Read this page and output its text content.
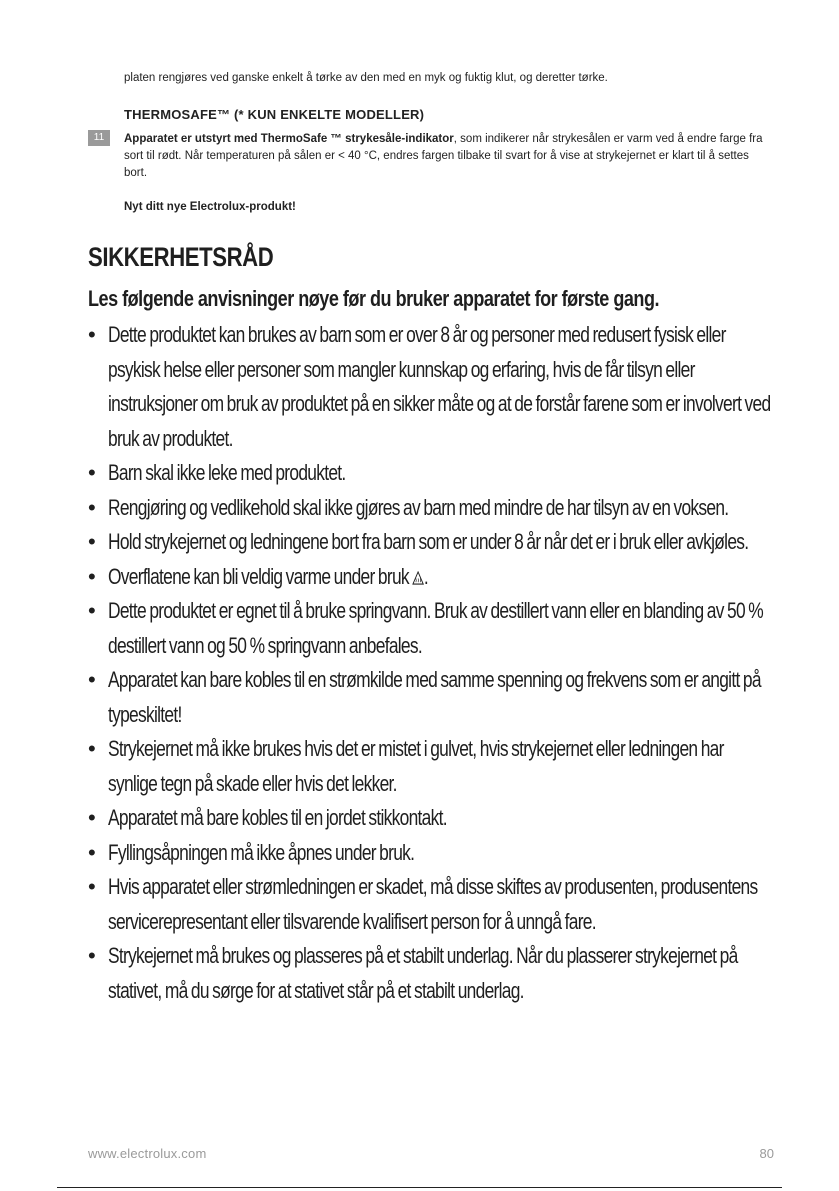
platen rengjøres ved ganske enkelt å tørke av den med en myk og fuktig klut, og deretter tørke.
THERMOSAFE™ (* KUN ENKELTE MODELLER)
11	Apparatet er utstyrt med ThermoSafe ™ strykesåle-indikator, som indikerer når strykesålen er varm ved å endre farge fra sort til rødt. Når temperaturen på sålen er < 40 °C, endres fargen tilbake til svart for å vise at strykejernet er klart til å settes bort.
Nyt ditt nye Electrolux-produkt!
SIKKERHETSRÅD
Les følgende anvisninger nøye før du bruker apparatet for første gang.
• Dette produktet kan brukes av barn som er over 8 år og personer med redusert fysisk eller psykisk helse eller personer som mangler kunnskap og erfaring, hvis de får tilsyn eller instruksjoner om bruk av produktet på en sikker måte og at de forstår farene som er involvert ved bruk av produktet.
• Barn skal ikke leke med produktet.
• Rengjøring og vedlikehold skal ikke gjøres av barn med mindre de har tilsyn av en voksen.
• Hold strykejernet og ledningene bort fra barn som er under 8 år når det er i bruk eller avkjøles.
• Overflatene kan bli veldig varme under bruk .
• Dette produktet er egnet til å bruke springvann. Bruk av destillert vann eller en blanding av 50 % destillert vann og 50 % springvann anbefales.
• Apparatet kan bare kobles til en strømkilde med samme spenning og frekvens som er angitt på typeskiltet!
• Strykejernet må ikke brukes hvis det er mistet i gulvet, hvis strykejernet eller ledningen har synlige tegn på skade eller hvis det lekker.
• Apparatet må bare kobles til en jordet stikkontakt.
• Fyllingsåpningen må ikke åpnes under bruk.
• Hvis apparatet eller strømledningen er skadet, må disse skiftes av produsenten, produsentens servicerepresentant eller tilsvarende kvalifisert person for å unngå fare.
• Strykejernet må brukes og plasseres på et stabilt underlag. Når du plasserer strykejernet på stativet, må du sørge for at stativet står på et stabilt underlag.
www.electrolux.com	80
